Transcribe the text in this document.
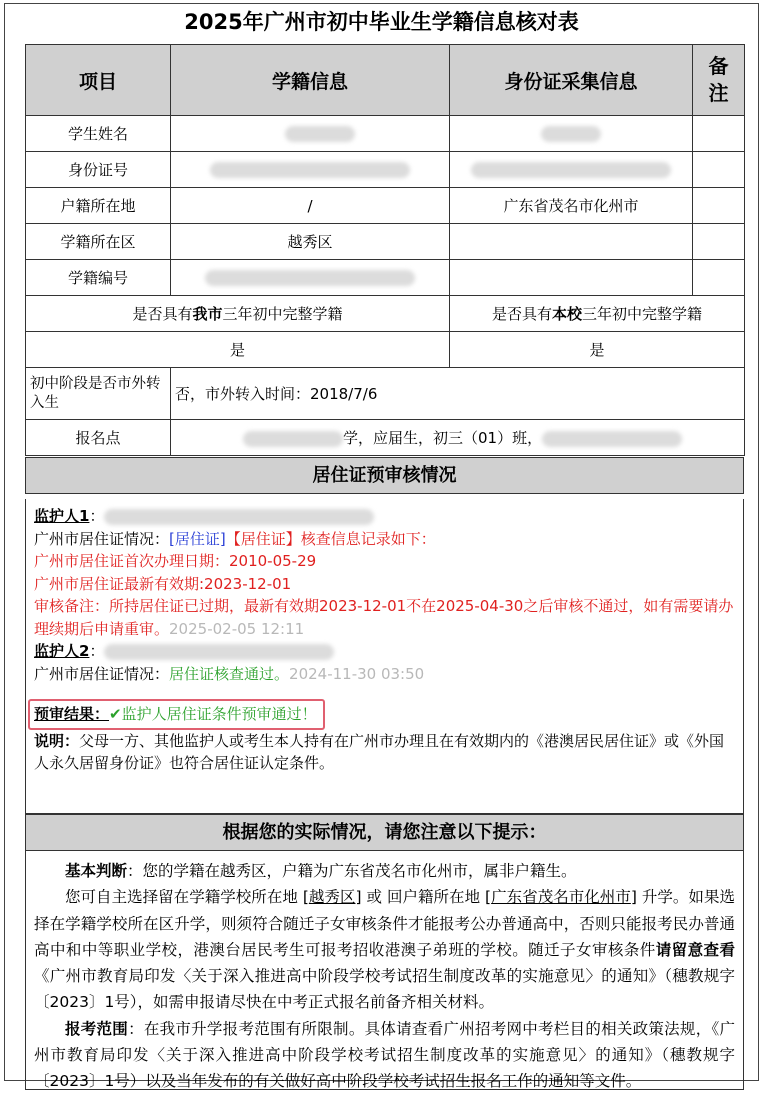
2025年广州市初中毕业生学籍信息核对表
项目	学籍信息	身份证采集信息	备注
学生姓名			
身份证号			
户籍所在地	/	广东省茂名市化州市	
学籍所在区	越秀区		
学籍编号			
是否具有我市三年初中完整学籍		是否具有本校三年初中完整学籍	
是		是	
初中阶段是否市外转入生	否，市外转入时间：2018/7/6		
报名点	学，应届生，初三（01）班，		
居住证预审核情况
监护人1：
广州市居住证情况：[居住证]【居住证】核查信息记录如下：
广州市居住证首次办理日期：2010-05-29
广州市居住证最新有效期:2023-12-01
审核备注：所持居住证已过期，最新有效期2023-12-01不在2025-04-30之后审核不通过，如有需要请办理续期后申请重审。2025-02-05 12:11
监护人2：
广州市居住证情况：居住证核查通过。2024-11-30 03:50
预审结果：✔监护人居住证条件预审通过！
说明：父母一方、其他监护人或考生本人持有在广州市办理且在有效期内的《港澳居民居住证》或《外国人永久居留身份证》也符合居住证认定条件。
根据您的实际情况，请您注意以下提示：

基本判断：您的学籍在越秀区，户籍为广东省茂名市化州市，属非户籍生。

您可自主选择留在学籍学校所在地 [越秀区] 或 回户籍所在地 [广东省茂名市化州市] 升学。如果选择在学籍学校所在区升学，则须符合随迁子女审核条件才能报考公办普通高中，否则只能报考民办普通高中和中等职业学校，港澳台居民考生可报考招收港澳子弟班的学校。随迁子女审核条件请留意查看《广州市教育局印发〈关于深入推进高中阶段学校考试招生制度改革的实施意见〉的通知》（穗教规字〔2023〕1号），如需申报请尽快在中考正式报名前备齐相关材料。

报考范围：在我市升学报考范围有所限制。具体请查看广州招考网中考栏目的相关政策法规，《广州市教育局印发〈关于深入推进高中阶段学校考试招生制度改革的实施意见〉的通知》（穗教规字〔2023〕1号）以及当年发布的有关做好高中阶段学校考试招生报名工作的通知等文件。
